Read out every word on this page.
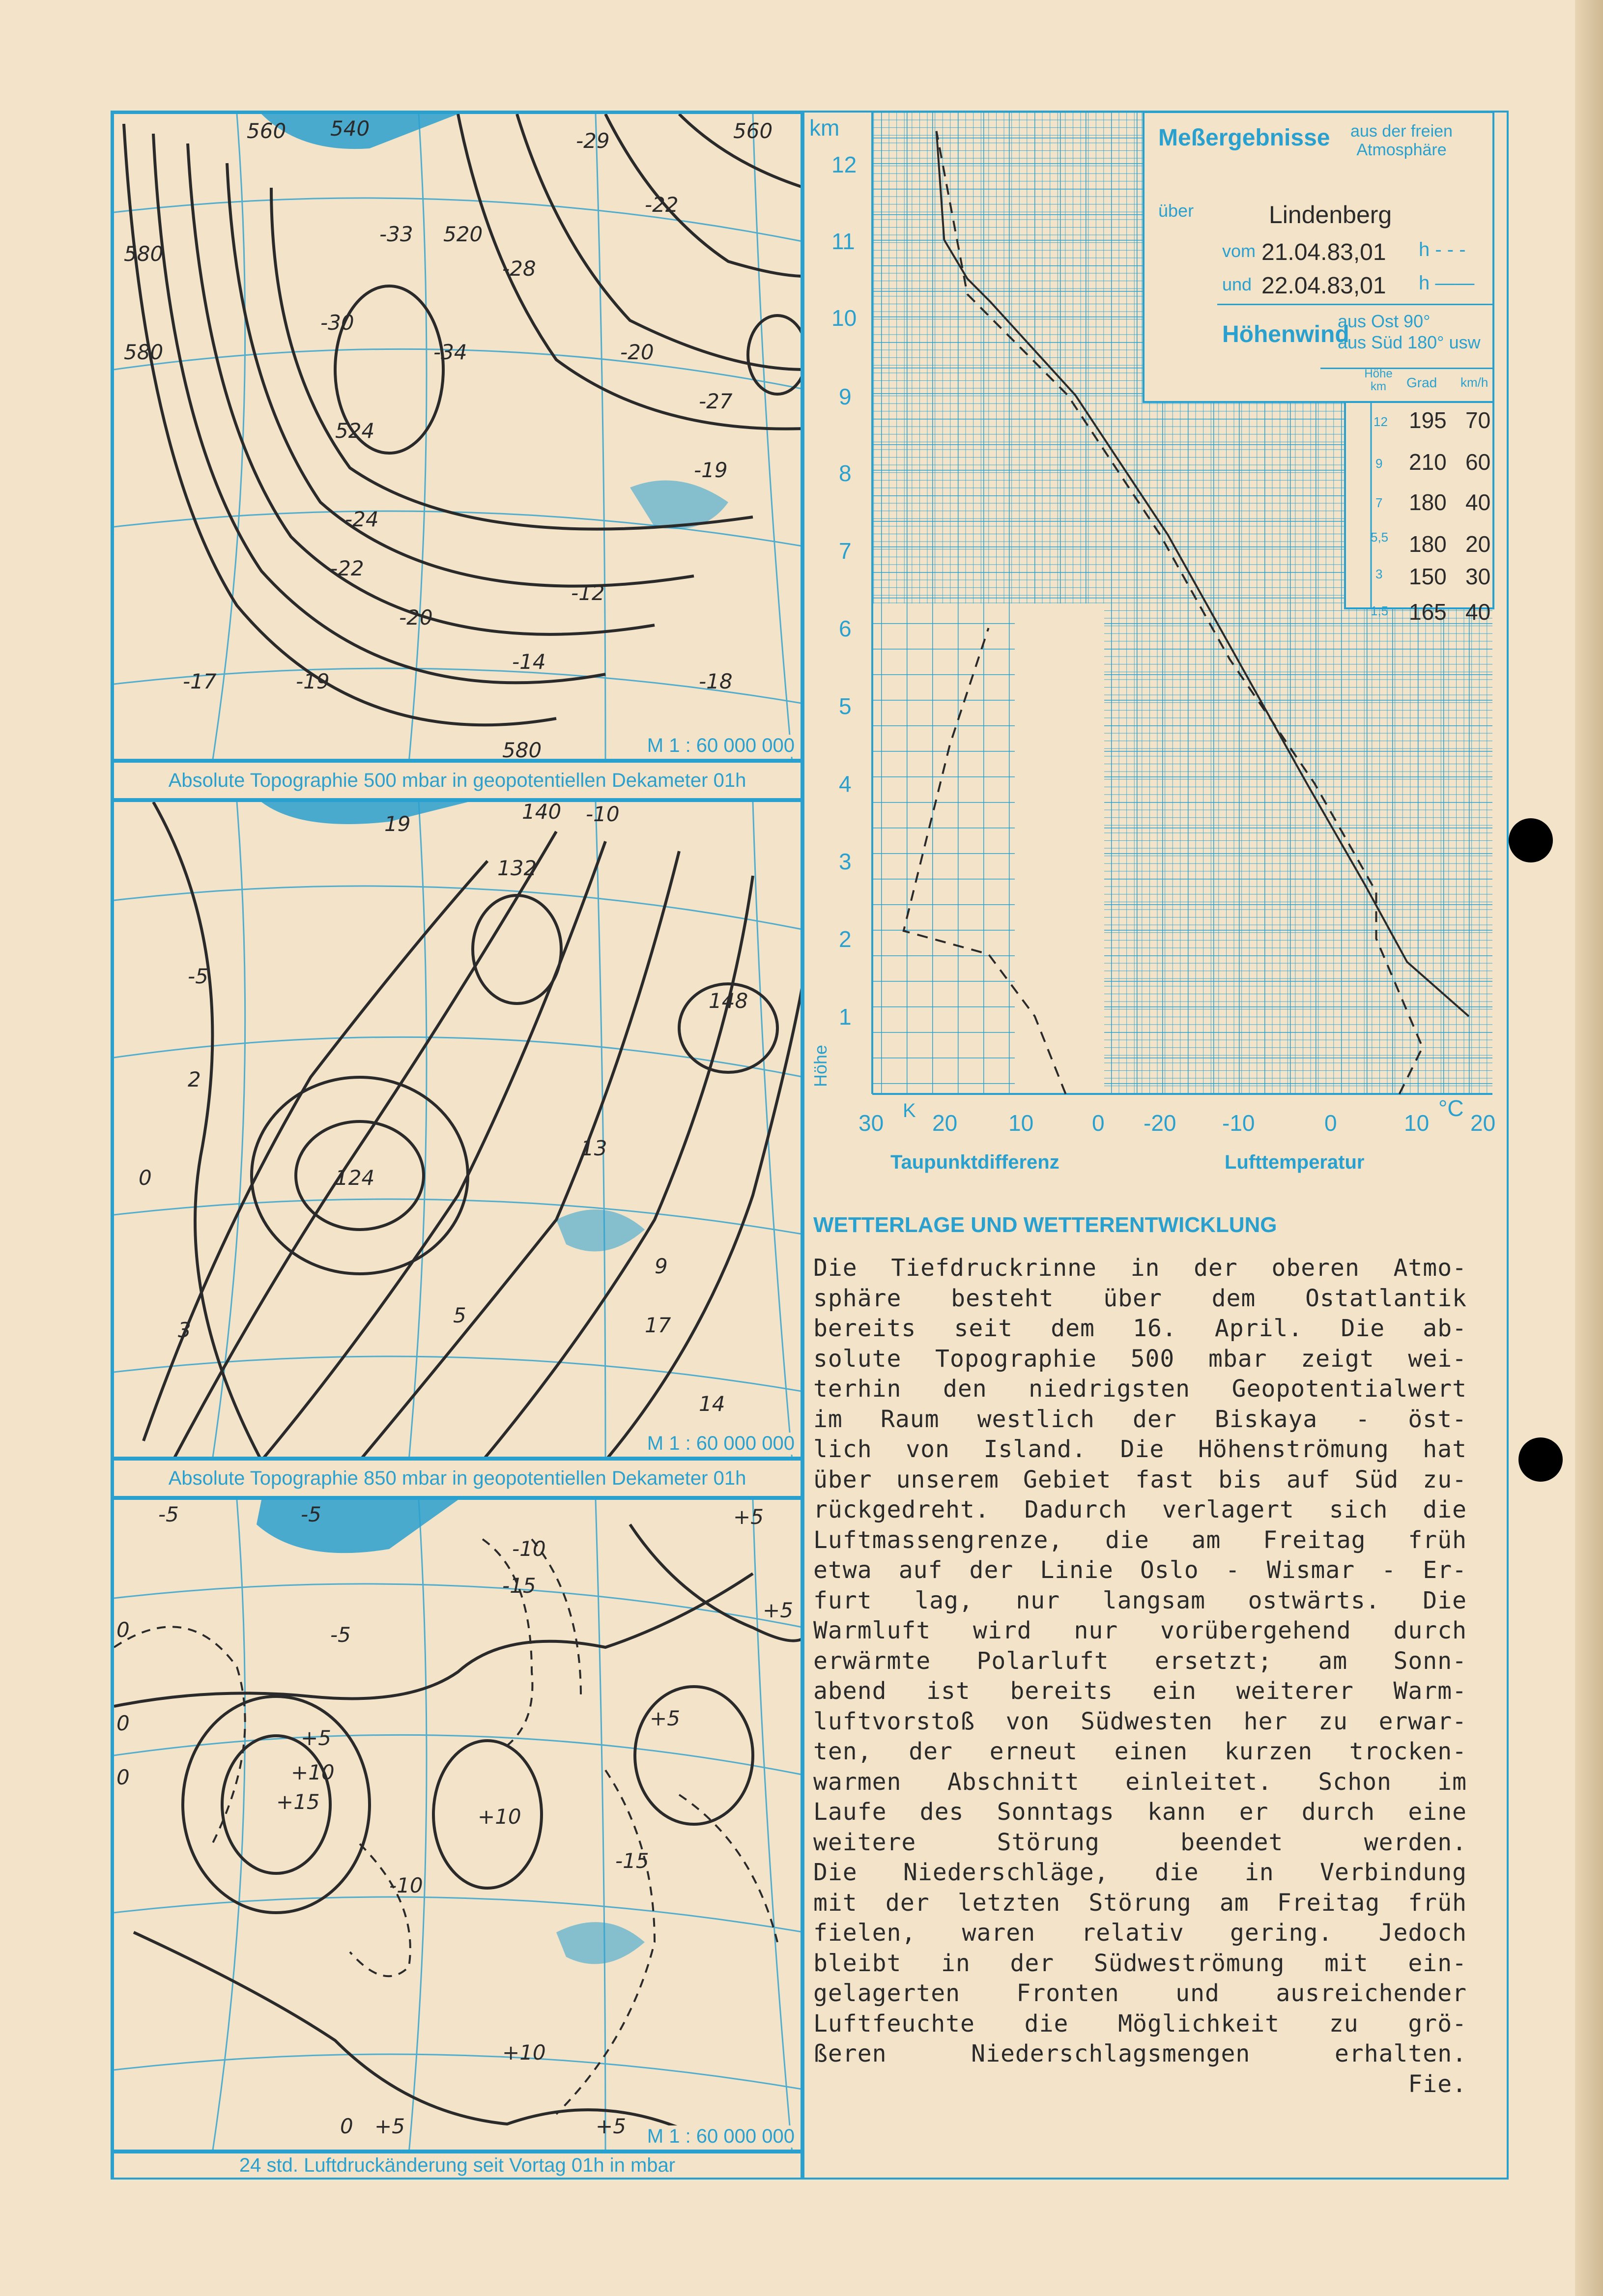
560 540	560
580
580
520
524
-33
-28
-30
-34
-22
-29
-20
-27
-19
-18
-14
-12
-19
-20
-22
-24
-17
580	M 1 : 60 000 000
Absolute Topographie 500 mbar in geopotentiellen Dekameter 01h
140
132
148
124
-10
-5
0
2
3
5
9
13
14
17
19
M 1 : 60 000 000
Absolute Topographie 850 mbar in geopotentiellen Dekameter 01h
-5	-5
-10
-15
-10
-15
-5
+5
+5
+10
+15
+5
+10
+5
0
0
0
0
+10
+5	+5 M 1 : 60 000 000
24 std. Luftdruckänderung seit Vortag 01h in mbar
Meßergebnisse	aus der freien Atmosphäre
über	Lindenberg
vom 21.04.83,01 h - - -
und 22.04.83,01 h ——
Höhenwind
aus Ost 90°
aus Süd 180° usw
Höhe km	Grad km/h
12 195 70
9 210 60
7 180 40
5,5 180 20
3 150 30
1,5 165 40
km
12
11
10
9
8
7
6
5
4
3
2
1
Höhe
30 K 20 10	0 -20 -10	0	10
°C
20
Taupunktdifferenz	Lufttemperatur
WETTERLAGE UND WETTERENTWICKLUNG
Die Tiefdruckrinne in der oberen Atmo-
sphäre besteht über dem Ostatlantik
bereits seit dem 16. April. Die ab-
solute Topographie 500 mbar zeigt wei-
terhin den niedrigsten Geopotentialwert
im Raum westlich der Biskaya - öst-
lich von Island. Die Höhenströmung hat
über unserem Gebiet fast bis auf Süd zu-
rückgedreht. Dadurch verlagert sich die
Luftmassengrenze, die am Freitag früh
etwa auf der Linie Oslo - Wismar - Er-
furt lag, nur langsam ostwärts. Die
Warmluft wird nur vorübergehend durch
erwärmte Polarluft ersetzt; am Sonn-
abend ist bereits ein weiterer Warm-
luftvorstoß von Südwesten her zu erwar-
ten, der erneut einen kurzen trocken-
warmen Abschnitt einleitet. Schon im
Laufe des Sonntags kann er durch eine
weitere Störung beendet werden.
Die Niederschläge, die in Verbindung
mit der letzten Störung am Freitag früh
fielen, waren relativ gering. Jedoch
bleibt in der Südweströmung mit ein-
gelagerten Fronten und ausreichender
Luftfeuchte die Möglichkeit zu grö-
ßeren Niederschlagsmengen erhalten.
Fie.
